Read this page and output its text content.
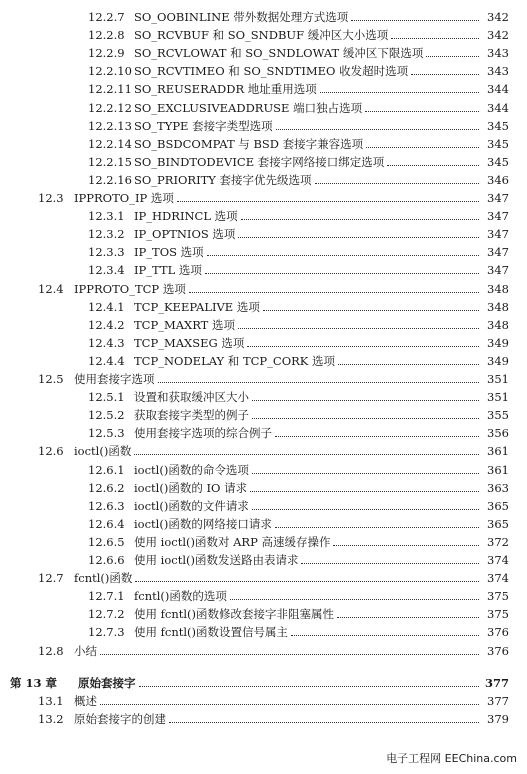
12.2.7 SO_OOBINLINE 带外数据处理方式选项	342
12.2.8 SO_RCVBUF 和 SO_SNDBUF 缓冲区大小选项	342
12.2.9 SO_RCVLOWAT 和 SO_SNDLOWAT 缓冲区下限选项	343
12.2.10 SO_RCVTIMEO 和 SO_SNDTIMEO 收发超时选项	343
12.2.11 SO_REUSERADDR 地址重用选项	344
12.2.12 SO_EXCLUSIVEADDRUSE 端口独占选项	344
12.2.13 SO_TYPE 套接字类型选项	345
12.2.14 SO_BSDCOMPAT 与 BSD 套接字兼容选项	345
12.2.15 SO_BINDTODEVICE 套接字网络接口绑定选项	345
12.2.16 SO_PRIORITY 套接字优先级选项	346
12.3 IPPROTO_IP 选项	347
12.3.1 IP_HDRINCL 选项	347
12.3.2 IP_OPTNIOS 选项	347
12.3.3 IP_TOS 选项	347
12.3.4 IP_TTL 选项	347
12.4 IPPROTO_TCP 选项	348
12.4.1 TCP_KEEPALIVE 选项	348
12.4.2 TCP_MAXRT 选项	348
12.4.3 TCP_MAXSEG 选项	349
12.4.4 TCP_NODELAY 和 TCP_CORK 选项	349
12.5 使用套接字选项	351
12.5.1 设置和获取缓冲区大小	351
12.5.2 获取套接字类型的例子	355
12.5.3 使用套接字选项的综合例子	356
12.6 ioctl()函数	361
12.6.1 ioctl()函数的命令选项	361
12.6.2 ioctl()函数的 IO 请求	363
12.6.3 ioctl()函数的文件请求	365
12.6.4 ioctl()函数的网络接口请求	365
12.6.5 使用 ioctl()函数对 ARP 高速缓存操作	372
12.6.6 使用 ioctl()函数发送路由表请求	374
12.7 fcntl()函数	374
12.7.1 fcntl()函数的选项	375
12.7.2 使用 fcntl()函数修改套接字非阻塞属性	375
12.7.3 使用 fcntl()函数设置信号属主	376
12.8 小结	376
第 13 章	原始套接字	377
13.1 概述	377
13.2 原始套接字的创建	379
电子工程网 EEChina.com
